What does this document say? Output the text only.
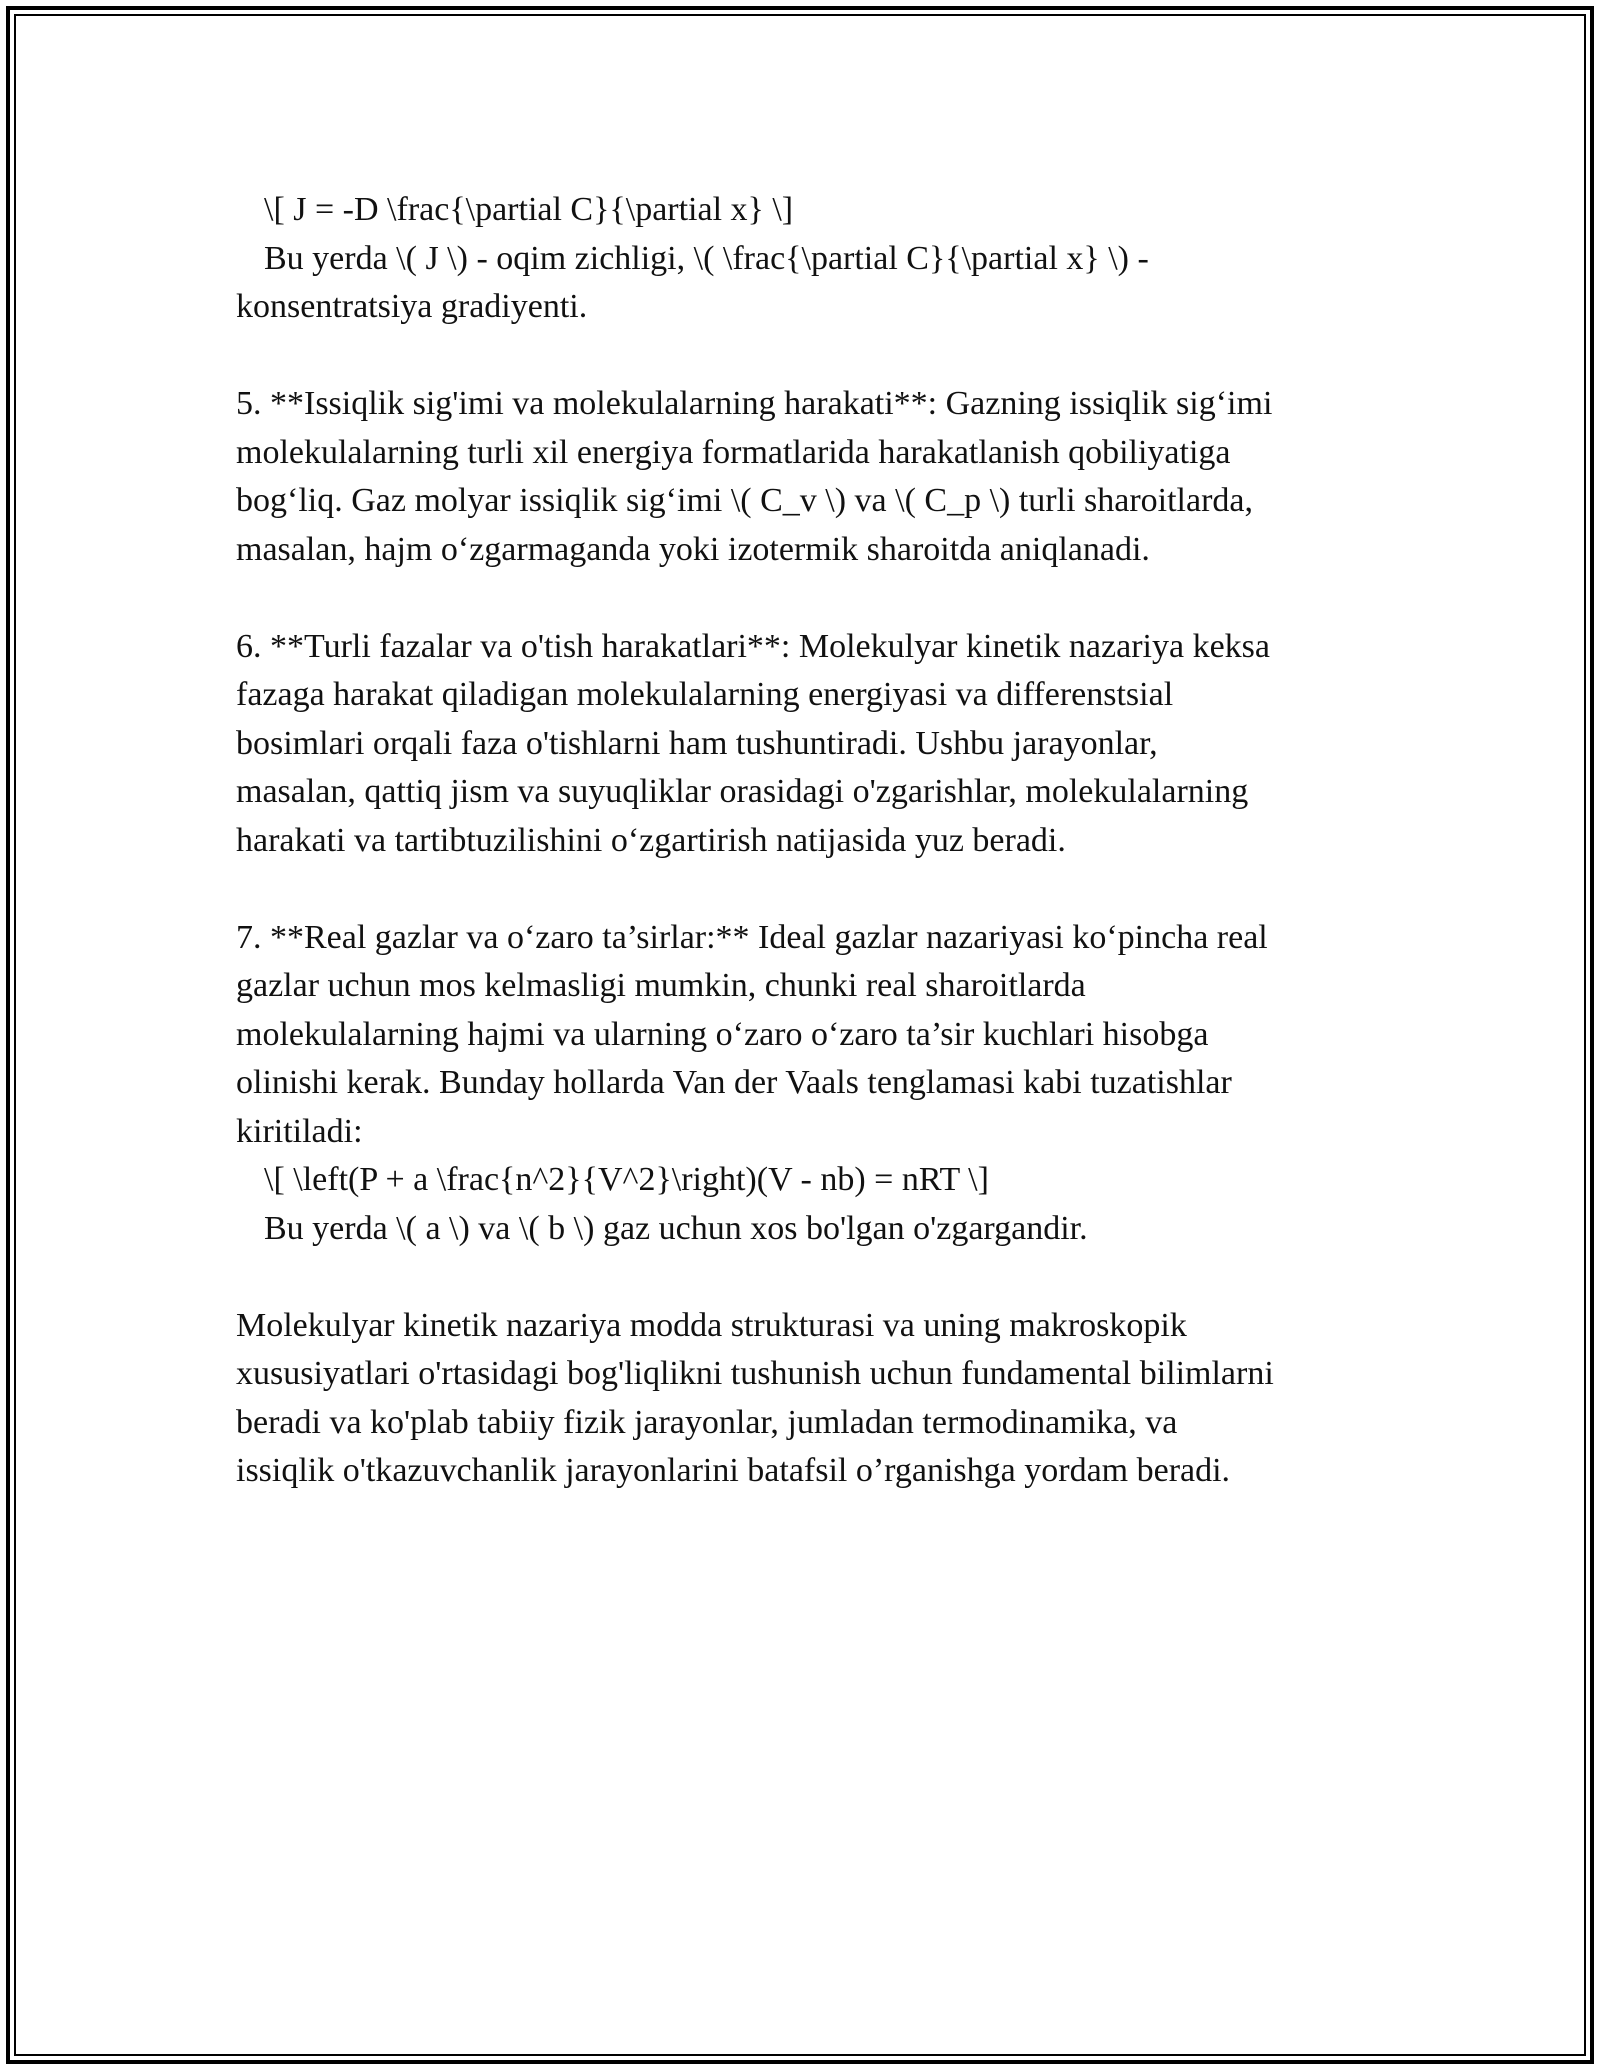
\[ J = -D \frac{\partial C}{\partial x} \]
Bu yerda \( J \) - oqim zichligi, \( \frac{\partial C}{\partial x} \) -
konsentratsiya gradiyenti.
5. **Issiqlik sig'imi va molekulalarning harakati**: Gazning issiqlik sig‘imi
molekulalarning turli xil energiya formatlarida harakatlanish qobiliyatiga
bog‘liq. Gaz molyar issiqlik sig‘imi \( C_v \) va \( C_p \) turli sharoitlarda,
masalan, hajm o‘zgarmaganda yoki izotermik sharoitda aniqlanadi.
6. **Turli fazalar va o'tish harakatlari**: Molekulyar kinetik nazariya keksa
fazaga harakat qiladigan molekulalarning energiyasi va differenstsial
bosimlari orqali faza o'tishlarni ham tushuntiradi. Ushbu jarayonlar,
masalan, qattiq jism va suyuqliklar orasidagi o'zgarishlar, molekulalarning
harakati va tartibtuzilishini o‘zgartirish natijasida yuz beradi.
7. **Real gazlar va o‘zaro ta’sirlar:** Ideal gazlar nazariyasi ko‘pincha real
gazlar uchun mos kelmasligi mumkin, chunki real sharoitlarda
molekulalarning hajmi va ularning o‘zaro o‘zaro ta’sir kuchlari hisobga
olinishi kerak. Bunday hollarda Van der Vaals tenglamasi kabi tuzatishlar
kiritiladi:
\[ \left(P + a \frac{n^2}{V^2}\right)(V - nb) = nRT \]
Bu yerda \( a \) va \( b \) gaz uchun xos bo'lgan o'zgargandir.
Molekulyar kinetik nazariya modda strukturasi va uning makroskopik
xususiyatlari o'rtasidagi bog'liqlikni tushunish uchun fundamental bilimlarni
beradi va ko'plab tabiiy fizik jarayonlar, jumladan termodinamika, va
issiqlik o'tkazuvchanlik jarayonlarini batafsil o’rganishga yordam beradi.
